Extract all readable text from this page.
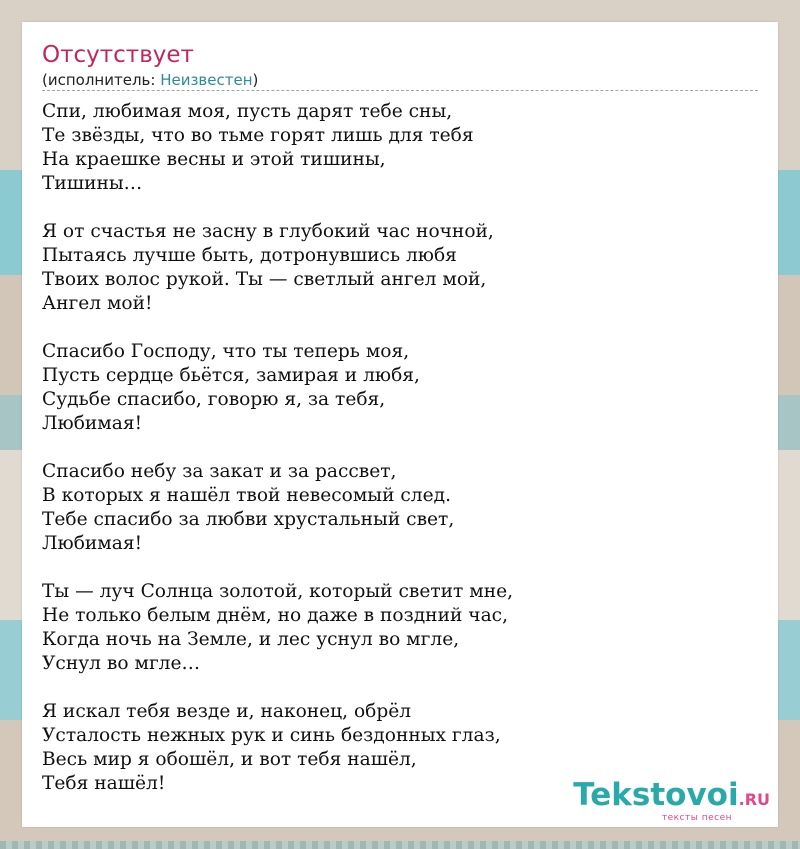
Отсутствует
(исполнитель: Неизвестен)
Спи, любимая моя, пусть дарят тебе сны,
Те звёзды, что во тьме горят лишь для тебя
На краешке весны и этой тишины,
Тишины…

Я от счастья не засну в глубокий час ночной,
Пытаясь лучше быть, дотронувшись любя
Твоих волос рукой. Ты — светлый ангел мой,
Ангел мой!

Спасибо Господу, что ты теперь моя,
Пусть сердце бьётся, замирая и любя,
Судьбе спасибо, говорю я, за тебя,
Любимая!

Спасибо небу за закат и за рассвет,
В которых я нашёл твой невесомый след.
Тебе спасибо за любви хрустальный свет,
Любимая!

Ты — луч Солнца золотой, который светит мне,
Не только белым днём, но даже в поздний час,
Когда ночь на Земле, и лес уснул во мгле,
Уснул во мгле…

Я искал тебя везде и, наконец, обрёл
Усталость нежных рук и синь бездонных глаз,
Весь мир я обошёл, и вот тебя нашёл,
Тебя нашёл!	Tekstovoi.RU
тексты песен
